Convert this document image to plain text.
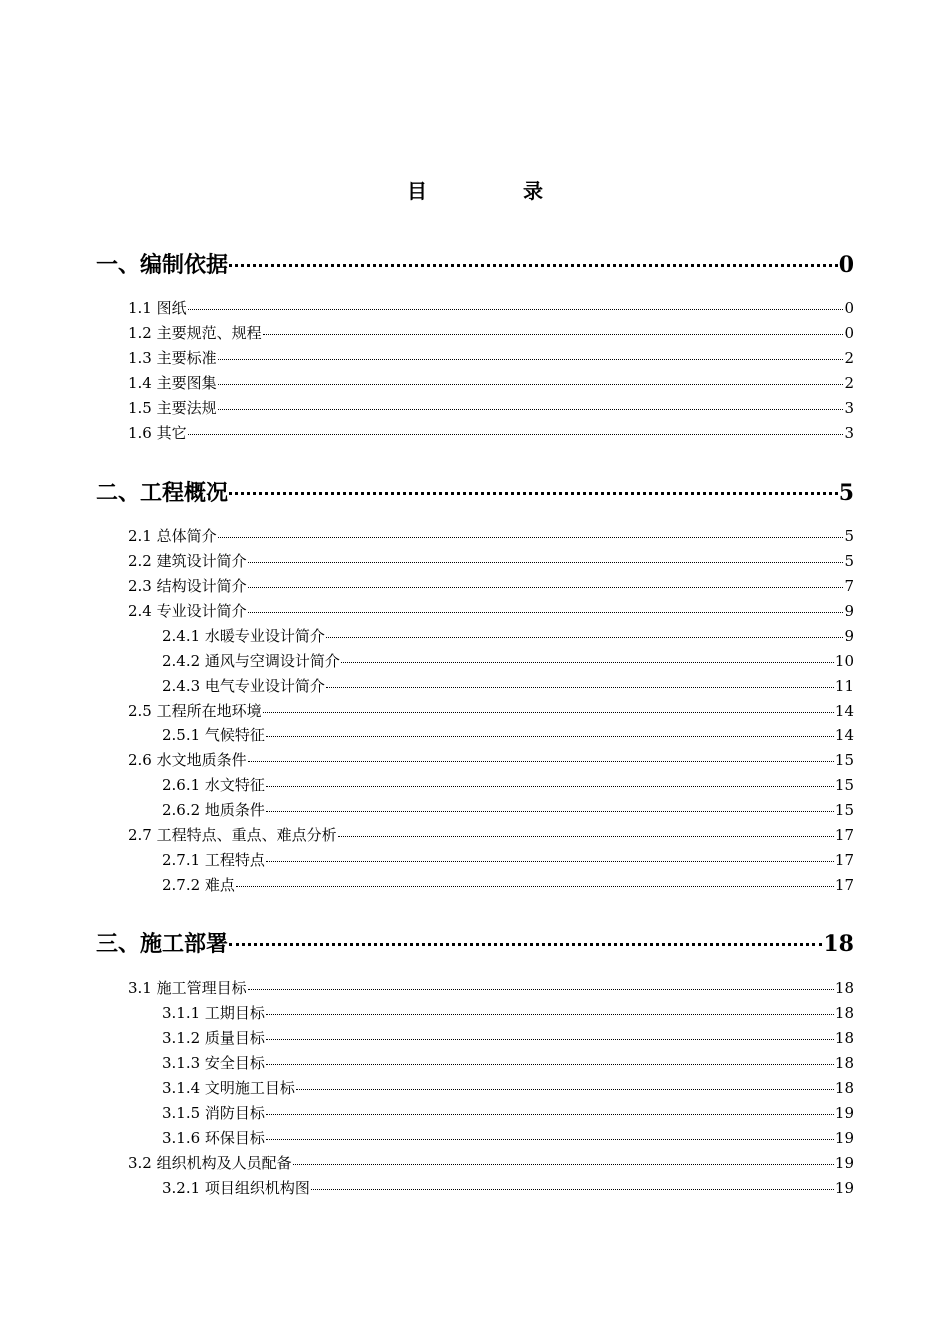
目　录
一、编制依据	0
1.1 图纸	0
1.2 主要规范、规程	0
1.3 主要标准	2
1.4 主要图集	2
1.5 主要法规	3
1.6 其它	3
二、工程概况	5
2.1 总体简介	5
2.2 建筑设计简介	5
2.3 结构设计简介	7
2.4 专业设计简介	9
2.4.1 水暖专业设计简介	9
2.4.2 通风与空调设计简介	10
2.4.3 电气专业设计简介	11
2.5 工程所在地环境	14
2.5.1 气候特征	14
2.6 水文地质条件	15
2.6.1 水文特征	15
2.6.2 地质条件	15
2.7 工程特点、重点、难点分析	17
2.7.1 工程特点	17
2.7.2 难点	17
三、施工部署	18
3.1 施工管理目标	18
3.1.1 工期目标	18
3.1.2 质量目标	18
3.1.3 安全目标	18
3.1.4 文明施工目标	18
3.1.5 消防目标	19
3.1.6 环保目标	19
3.2 组织机构及人员配备	19
3.2.1 项目组织机构图	19
